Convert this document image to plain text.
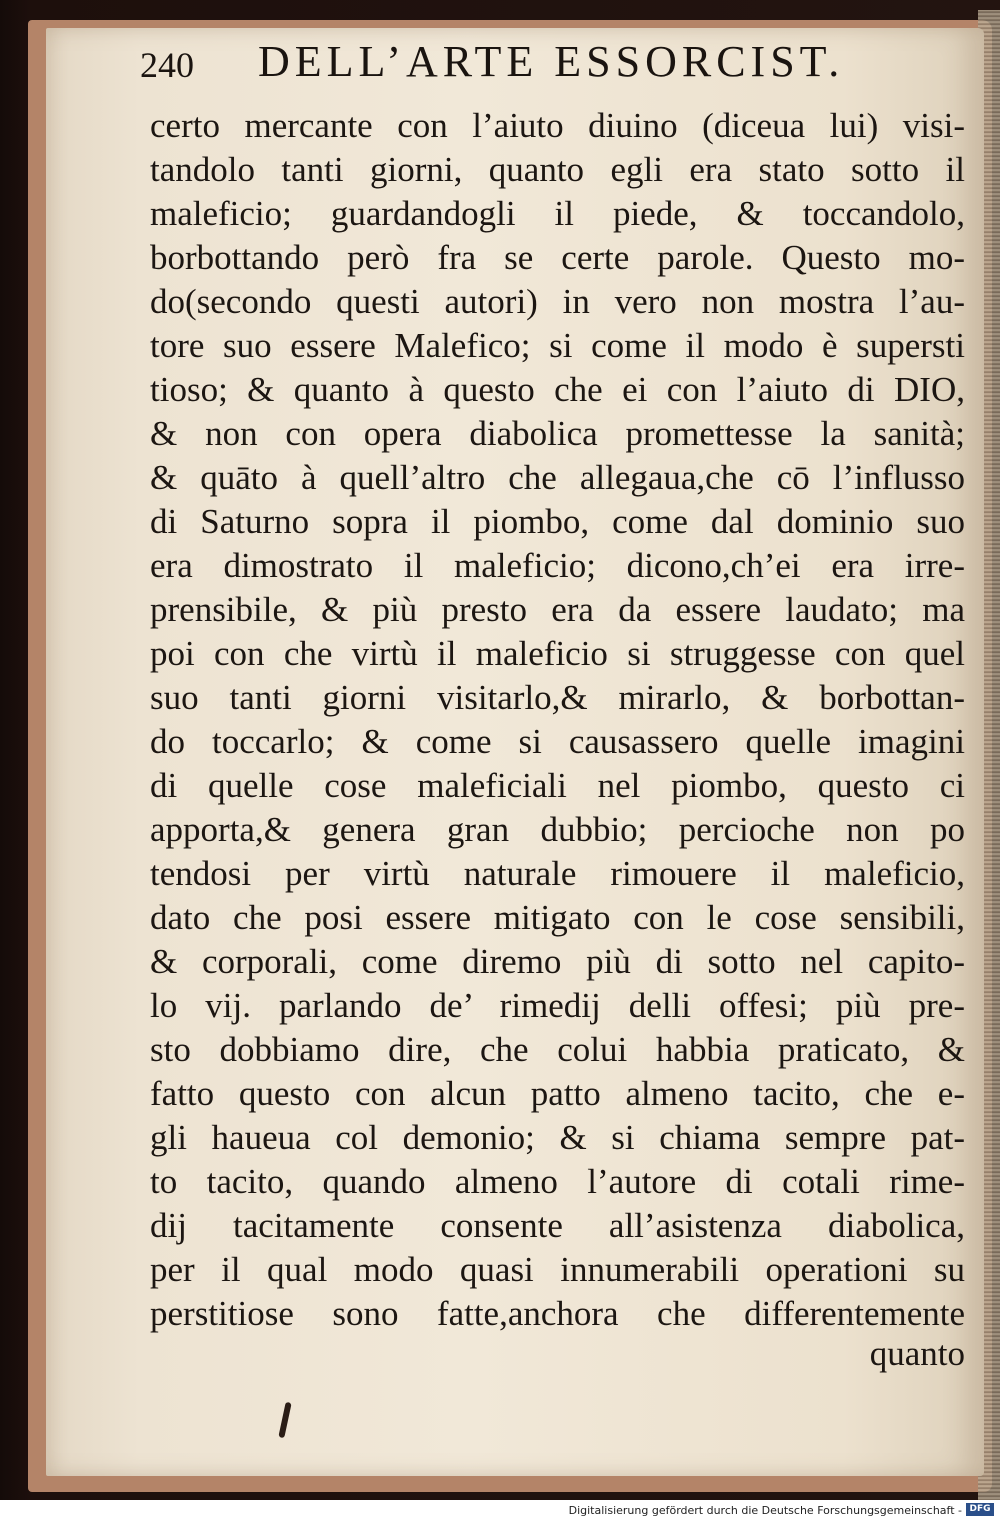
240 DELL’ARTE ESSORCIST.
certo mercante con l’aiuto diuino (diceua lui) visi-
tandolo tanti giorni, quanto egli era stato sotto il
maleficio; guardandogli il piede, & toccandolo,
borbottando però fra se certe parole. Questo mo-
do(secondo questi autori) in vero non mostra l’au-
tore suo essere Malefico; si come il modo è supersti
tioso; & quanto à questo che ei con l’aiuto di DIO,
& non con opera diabolica promettesse la sanità;
& quāto à quell’altro che allegaua,che cō l’influsso
di Saturno sopra il piombo, come dal dominio suo
era dimostrato il maleficio; dicono,ch’ei era irre-
prensibile, & più presto era da essere laudato; ma
poi con che virtù il maleficio si struggesse con quel
suo tanti giorni visitarlo,& mirarlo, & borbottan-
do toccarlo; & come si causassero quelle imagini
di quelle cose maleficiali nel piombo, questo ci
apporta,& genera gran dubbio; percioche non po
tendosi per virtù naturale rimouere il maleficio,
dato che posi essere mitigato con le cose sensibili,
& corporali, come diremo più di sotto nel capito-
lo vij. parlando de’ rimedij delli offesi; più pre-
sto dobbiamo dire, che colui habbia praticato, &
fatto questo con alcun patto almeno tacito, che e-
gli haueua col demonio; & si chiama sempre pat-
to tacito, quando almeno l’autore di cotali rime-
dij tacitamente consente all’asistenza diabolica,
per il qual modo quasi innumerabili operationi su
perstitiose sono fatte,anchora che differentemente
quanto
Digitalisierung gefördert durch die Deutsche Forschungsgemeinschaft - DFG
